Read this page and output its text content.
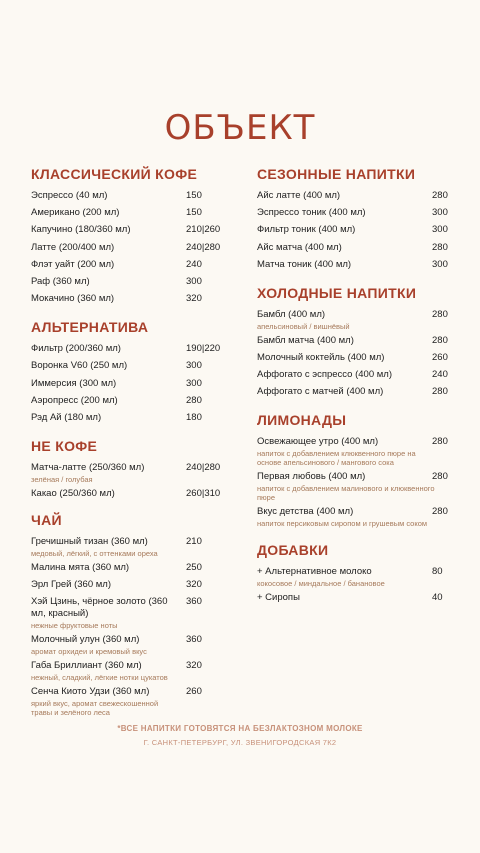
ОБЪЕКТ
КЛАССИЧЕСКИЙ КОФЕ
Эспрессо (40 мл)	150
Американо (200 мл)	150
Капучино (180/360 мл)	210|260
Латте (200/400 мл)	240|280
Флэт уайт (200 мл)	240
Раф (360 мл)	300
Мокачино (360 мл)	320
АЛЬТЕРНАТИВА
Фильтр (200/360 мл)	190|220
Воронка V60 (250 мл)	300
Иммерсия (300 мл)	300
Аэропресс (200 мл)	280
Рэд Ай (180 мл)	180
НЕ КОФЕ
Матча-латте (250/360 мл)	240|280
зелёная / голубая
Какао (250/360 мл)	260|310
ЧАЙ
Гречишный тизан (360 мл)	210
медовый, лёгкий, с оттенками ореха
Малина мята (360 мл)	250
Эрл Грей (360 мл)	320
Хэй Цзинь, чёрное золото (360 мл, красный)
360
нежные фруктовые ноты
Молочный улун (360 мл)	360
аромат орхидеи и кремовый вкус
Габа Бриллиант (360 мл)	320
нежный, сладкий, лёгкие нотки цукатов
Сенча Киото Удзи (360 мл)	260
яркий вкус, аромат свежескошенной травы и зелёного леса
СЕЗОННЫЕ НАПИТКИ
Айс латте (400 мл)	280
Эспрессо тоник (400 мл)	300
Фильтр тоник (400 мл)	300
Айс матча (400 мл)	280
Матча тоник (400 мл)	300
ХОЛОДНЫЕ НАПИТКИ
Бамбл (400 мл)	280
апельсиновый / вишнёвый
Бамбл матча (400 мл)	280
Молочный коктейль (400 мл)	260
Аффогато с эспрессо (400 мл)	240
Аффогато с матчей (400 мл)	280
ЛИМОНАДЫ
Освежающее утро (400 мл)	280
напиток с добавлением клюквенного пюре на основе апельсинового / мангового сока
Первая любовь (400 мл)	280
напиток с добавлением малинового и клюквенного пюре
Вкус детства (400 мл)	280
напиток персиковым сиропом и грушевым соком
ДОБАВКИ
+ Альтернативное молоко	80
кокосовое / миндальное / банановое
+ Сиропы	40
*ВСЕ НАПИТКИ ГОТОВЯТСЯ НА БЕЗЛАКТОЗНОМ МОЛОКЕ
Г. САНКТ-ПЕТЕРБУРГ, УЛ. ЗВЕНИГОРОДСКАЯ 7К2
